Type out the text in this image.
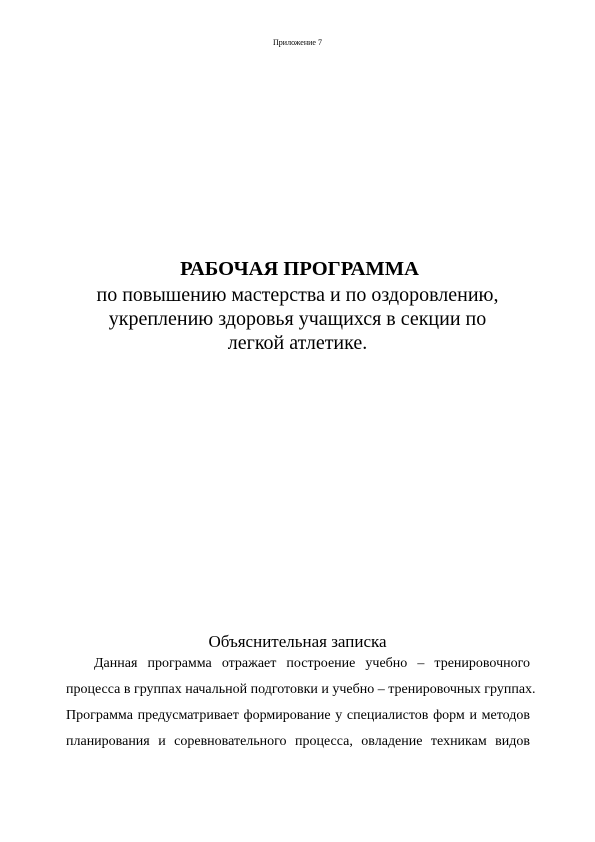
Приложение 7

РАБОЧАЯ ПРОГРАММА

по повышению мастерства и по оздоровлению,
укреплению здоровья учащихся в секции по
легкой атлетике.
Объяснительная записка
Данная программа отражает построение учебно – тренировочного
процесса в группах начальной подготовки и учебно – тренировочных группах.
Программа предусматривает формирование у специалистов форм и методов
планирования и соревновательного процесса, овладение техникам видов
